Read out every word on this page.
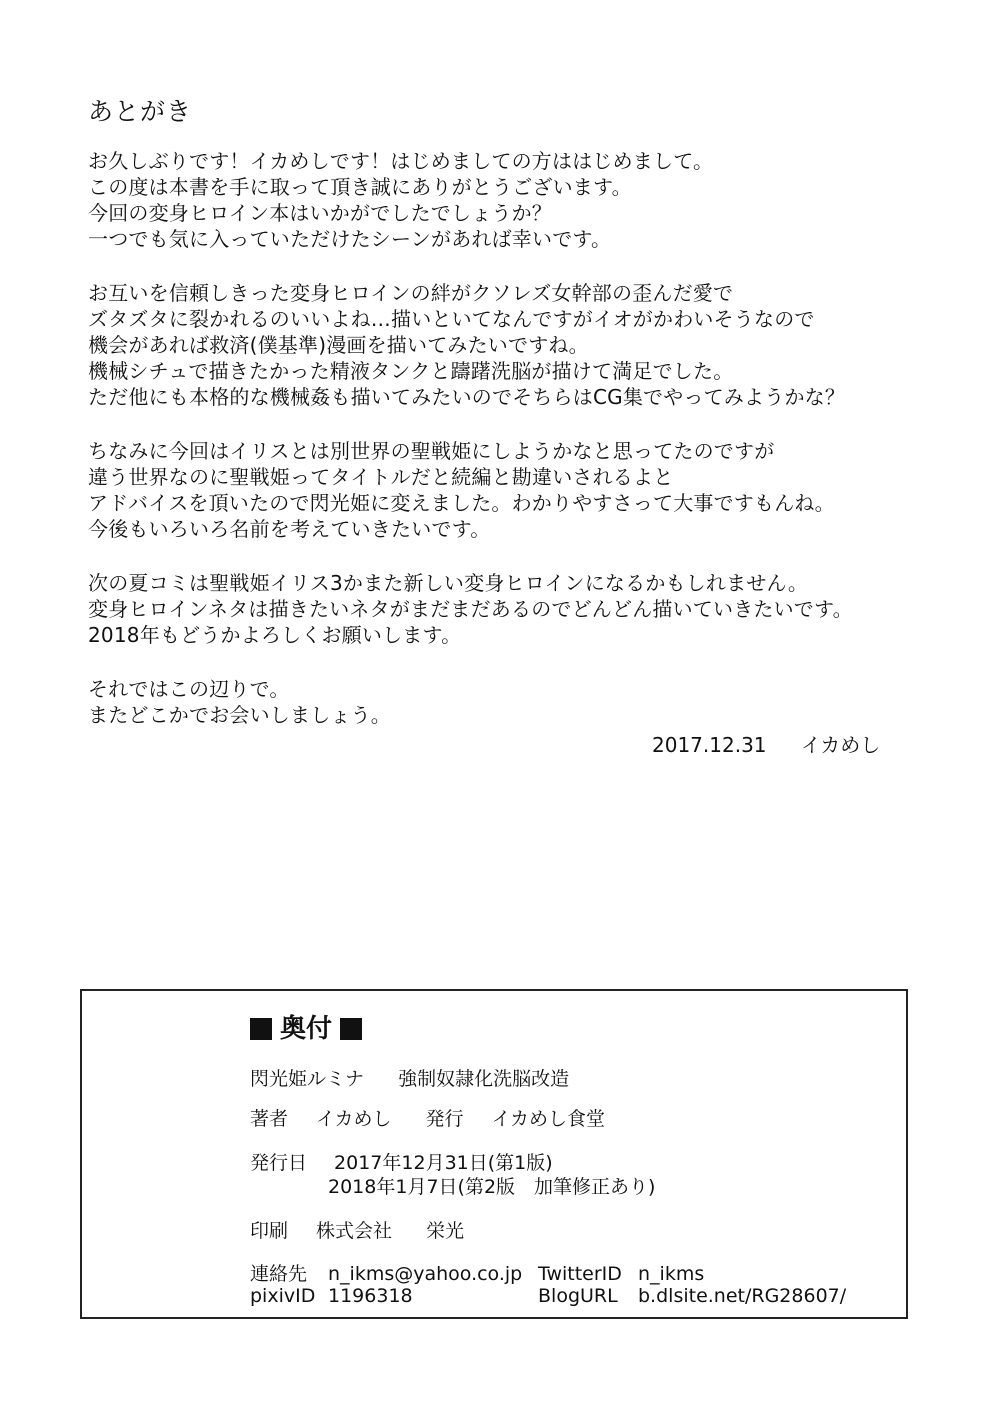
あとがき
お久しぶりです！イカめしです！はじめましての方ははじめまして。
この度は本書を手に取って頂き誠にありがとうございます。
今回の変身ヒロイン本はいかがでしたでしょうか？
一つでも気に入っていただけたシーンがあれば幸いです。
お互いを信頼しきった変身ヒロインの絆がクソレズ女幹部の歪んだ愛で
ズタズタに裂かれるのいいよね…描いといてなんですがイオがかわいそうなので
機会があれば救済(僕基準)漫画を描いてみたいですね。
機械シチュで描きたかった精液タンクと躊躇洗脳が描けて満足でした。
ただ他にも本格的な機械姦も描いてみたいのでそちらはCG集でやってみようかな？
ちなみに今回はイリスとは別世界の聖戦姫にしようかなと思ってたのですが
違う世界なのに聖戦姫ってタイトルだと続編と勘違いされるよと
アドバイスを頂いたので閃光姫に変えました。わかりやすさって大事ですもんね。
今後もいろいろ名前を考えていきたいです。
次の夏コミは聖戦姫イリス3かまた新しい変身ヒロインになるかもしれません。
変身ヒロインネタは描きたいネタがまだまだあるのでどんどん描いていきたいです。
2018年もどうかよろしくお願いします。
それではこの辺りで。
またどこかでお会いしましょう。
2017.12.31 イカめし
奥付
閃光姫ルミナ 強制奴隷化洗脳改造
著者 イカめし 発行 イカめし食堂
発行日 2017年12月31日(第1版)
2018年1月7日(第2版　加筆修正あり)
印刷 株式会社 栄光
連絡先	n_ikms@yahoo.co.jp TwitterID n_ikms
pixivID 1196318	BlogURL	b.dlsite.net/RG28607/
